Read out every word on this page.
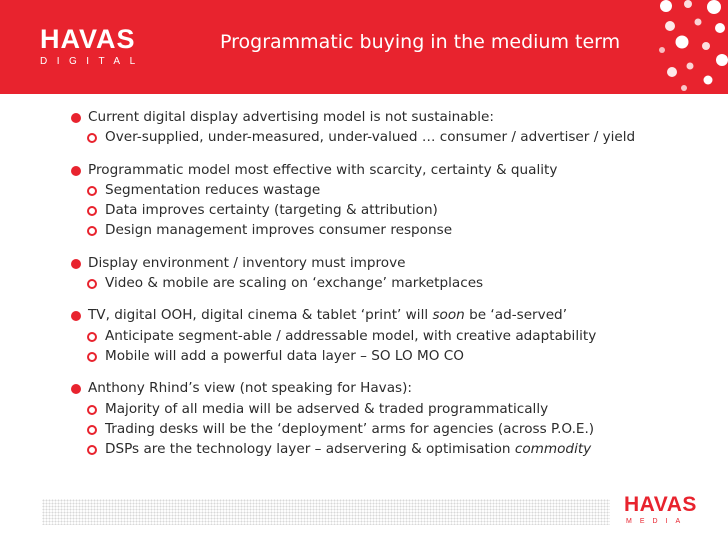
HAVAS
DIGITAL
Programmatic buying in the medium term
Current digital display advertising model is not sustainable:
Over-supplied, under-measured, under-valued … consumer / advertiser / yield
Programmatic model most effective with scarcity, certainty & quality
Segmentation reduces wastage
Data improves certainty (targeting & attribution)
Design management improves consumer response
Display environment / inventory must improve
Video & mobile are scaling on ‘exchange’ marketplaces
TV, digital OOH, digital cinema & tablet ‘print’ will soon be ‘ad-served’
Anticipate segment-able / addressable model, with creative adaptability
Mobile will add a powerful data layer – SO LO MO CO
Anthony Rhind’s view (not speaking for Havas):
Majority of all media will be adserved & traded programmatically
Trading desks will be the ‘deployment’ arms for agencies (across P.O.E.)
DSPs are the technology layer – adservering & optimisation commodity
HAVAS
MEDIA
